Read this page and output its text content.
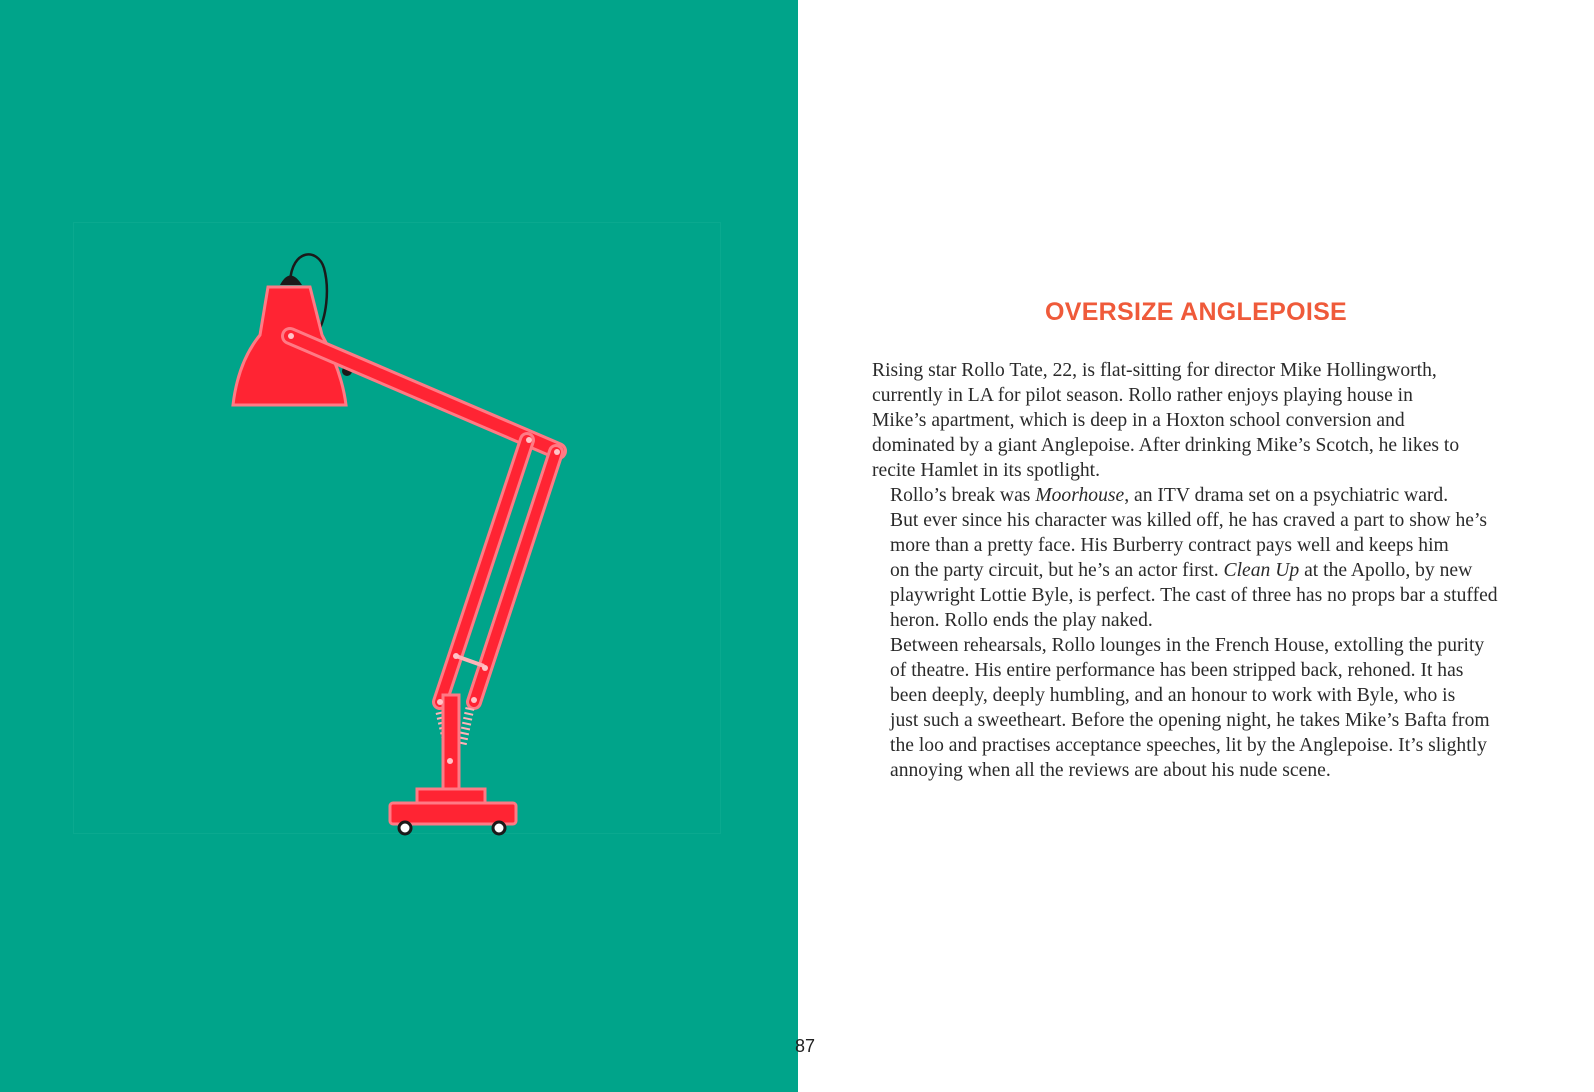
OVERSIZE ANGLEPOISE

Rising star Rollo Tate, 22, is flat-sitting for director Mike Hollingworth,
currently in LA for pilot season. Rollo rather enjoys playing house in
Mike’s apartment, which is deep in a Hoxton school conversion and
dominated by a giant Anglepoise. After drinking Mike’s Scotch, he likes to
recite Hamlet in its spotlight.

Rollo’s break was Moorhouse, an ITV drama set on a psychiatric ward.
But ever since his character was killed off, he has craved a part to show he’s
more than a pretty face. His Burberry contract pays well and keeps him
on the party circuit, but he’s an actor first. Clean Up at the Apollo, by new
playwright Lottie Byle, is perfect. The cast of three has no props bar a stuffed
heron. Rollo ends the play naked.

Between rehearsals, Rollo lounges in the French House, extolling the purity
of theatre. His entire performance has been stripped back, rehoned. It has
been deeply, deeply humbling, and an honour to work with Byle, who is
just such a sweetheart. Before the opening night, he takes Mike’s Bafta from
the loo and practises acceptance speeches, lit by the Anglepoise. It’s slightly
annoying when all the reviews are about his nude scene.

87
